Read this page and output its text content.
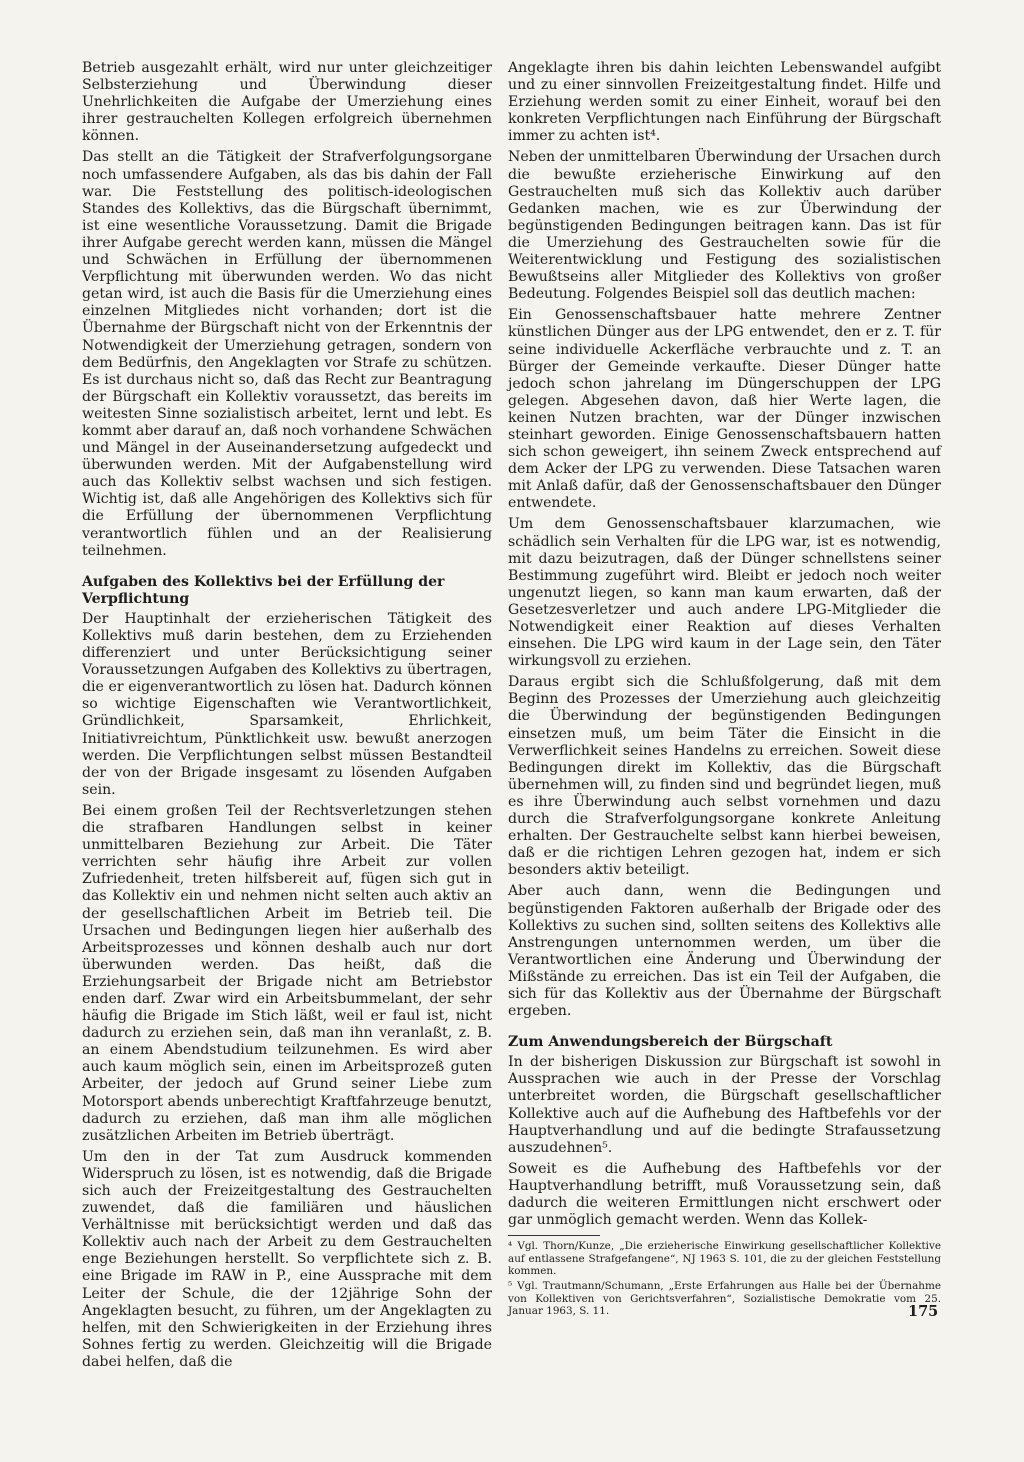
Betrieb ausgezahlt erhält, wird nur unter gleichzeitiger Selbsterziehung und Überwindung dieser Unehrlichkeiten die Aufgabe der Umerziehung eines ihrer gestrauchelten Kollegen erfolgreich übernehmen können.

Das stellt an die Tätigkeit der Strafverfolgungsorgane noch umfassendere Aufgaben, als das bis dahin der Fall war. Die Feststellung des politisch-ideologischen Standes des Kollektivs, das die Bürgschaft übernimmt, ist eine wesentliche Voraussetzung. Damit die Brigade ihrer Aufgabe gerecht werden kann, müssen die Mängel und Schwächen in Erfüllung der übernommenen Verpflichtung mit überwunden werden. Wo das nicht getan wird, ist auch die Basis für die Umerziehung eines einzelnen Mitgliedes nicht vorhanden; dort ist die Übernahme der Bürgschaft nicht von der Erkenntnis der Notwendigkeit der Umerziehung getragen, sondern von dem Bedürfnis, den Angeklagten vor Strafe zu schützen. Es ist durchaus nicht so, daß das Recht zur Beantragung der Bürgschaft ein Kollektiv voraussetzt, das bereits im weitesten Sinne sozialistisch arbeitet, lernt und lebt. Es kommt aber darauf an, daß noch vorhandene Schwächen und Mängel in der Auseinandersetzung aufgedeckt und überwunden werden. Mit der Aufgabenstellung wird auch das Kollektiv selbst wachsen und sich festigen. Wichtig ist, daß alle Angehörigen des Kollektivs sich für die Erfüllung der übernommenen Verpflichtung verantwortlich fühlen und an der Realisierung teilnehmen.

Aufgaben des Kollektivs bei der Erfüllung der Verpflichtung

Der Hauptinhalt der erzieherischen Tätigkeit des Kollektivs muß darin bestehen, dem zu Erziehenden differenziert und unter Berücksichtigung seiner Voraussetzungen Aufgaben des Kollektivs zu übertragen, die er eigenverantwortlich zu lösen hat. Dadurch können so wichtige Eigenschaften wie Verantwortlichkeit, Gründlichkeit, Sparsamkeit, Ehrlichkeit, Initiativreichtum, Pünktlichkeit usw. bewußt anerzogen werden. Die Verpflichtungen selbst müssen Bestandteil der von der Brigade insgesamt zu lösenden Aufgaben sein.

Bei einem großen Teil der Rechtsverletzungen stehen die strafbaren Handlungen selbst in keiner unmittelbaren Beziehung zur Arbeit. Die Täter verrichten sehr häufig ihre Arbeit zur vollen Zufriedenheit, treten hilfsbereit auf, fügen sich gut in das Kollektiv ein und nehmen nicht selten auch aktiv an der gesellschaftlichen Arbeit im Betrieb teil. Die Ursachen und Bedingungen liegen hier außerhalb des Arbeitsprozesses und können deshalb auch nur dort überwunden werden. Das heißt, daß die Erziehungsarbeit der Brigade nicht am Betriebstor enden darf. Zwar wird ein Arbeitsbummelant, der sehr häufig die Brigade im Stich läßt, weil er faul ist, nicht dadurch zu erziehen sein, daß man ihn veranlaßt, z. B. an einem Abendstudium teilzunehmen. Es wird aber auch kaum möglich sein, einen im Arbeitsprozeß guten Arbeiter, der jedoch auf Grund seiner Liebe zum Motorsport abends unberechtigt Kraftfahrzeuge benutzt, dadurch zu erziehen, daß man ihm alle möglichen zusätzlichen Arbeiten im Betrieb überträgt.

Um den in der Tat zum Ausdruck kommenden Widerspruch zu lösen, ist es notwendig, daß die Brigade sich auch der Freizeitgestaltung des Gestrauchelten zuwendet, daß die familiären und häuslichen Verhältnisse mit berücksichtigt werden und daß das Kollektiv auch nach der Arbeit zu dem Gestrauchelten enge Beziehungen herstellt. So verpflichtete sich z. B. eine Brigade im RAW in P., eine Aussprache mit dem Leiter der Schule, die der 12jährige Sohn der Angeklagten besucht, zu führen, um der Angeklagten zu helfen, mit den Schwierigkeiten in der Erziehung ihres Sohnes fertig zu werden. Gleichzeitig will die Brigade dabei helfen, daß die

Angeklagte ihren bis dahin leichten Lebenswandel aufgibt und zu einer sinnvollen Freizeitgestaltung findet. Hilfe und Erziehung werden somit zu einer Einheit, worauf bei den konkreten Verpflichtungen nach Einführung der Bürgschaft immer zu achten ist⁴.

Neben der unmittelbaren Überwindung der Ursachen durch die bewußte erzieherische Einwirkung auf den Gestrauchelten muß sich das Kollektiv auch darüber Gedanken machen, wie es zur Überwindung der begünstigenden Bedingungen beitragen kann. Das ist für die Umerziehung des Gestrauchelten sowie für die Weiterentwicklung und Festigung des sozialistischen Bewußtseins aller Mitglieder des Kollektivs von großer Bedeutung. Folgendes Beispiel soll das deutlich machen:

Ein Genossenschaftsbauer hatte mehrere Zentner künstlichen Dünger aus der LPG entwendet, den er z. T. für seine individuelle Ackerfläche verbrauchte und z. T. an Bürger der Gemeinde verkaufte. Dieser Dünger hatte jedoch schon jahrelang im Düngerschuppen der LPG gelegen. Abgesehen davon, daß hier Werte lagen, die keinen Nutzen brachten, war der Dünger inzwischen steinhart geworden. Einige Genossenschaftsbauern hatten sich schon geweigert, ihn seinem Zweck entsprechend auf dem Acker der LPG zu verwenden. Diese Tatsachen waren mit Anlaß dafür, daß der Genossenschaftsbauer den Dünger entwendete.

Um dem Genossenschaftsbauer klarzumachen, wie schädlich sein Verhalten für die LPG war, ist es notwendig, mit dazu beizutragen, daß der Dünger schnellstens seiner Bestimmung zugeführt wird. Bleibt er jedoch noch weiter ungenutzt liegen, so kann man kaum erwarten, daß der Gesetzesverletzer und auch andere LPG-Mitglieder die Notwendigkeit einer Reaktion auf dieses Verhalten einsehen. Die LPG wird kaum in der Lage sein, den Täter wirkungsvoll zu erziehen.

Daraus ergibt sich die Schlußfolgerung, daß mit dem Beginn des Prozesses der Umerziehung auch gleichzeitig die Überwindung der begünstigenden Bedingungen einsetzen muß, um beim Täter die Einsicht in die Verwerflichkeit seines Handelns zu erreichen. Soweit diese Bedingungen direkt im Kollektiv, das die Bürgschaft übernehmen will, zu finden sind und begründet liegen, muß es ihre Überwindung auch selbst vornehmen und dazu durch die Strafverfolgungsorgane konkrete Anleitung erhalten. Der Gestrauchelte selbst kann hierbei beweisen, daß er die richtigen Lehren gezogen hat, indem er sich besonders aktiv beteiligt.

Aber auch dann, wenn die Bedingungen und begünstigenden Faktoren außerhalb der Brigade oder des Kollektivs zu suchen sind, sollten seitens des Kollektivs alle Anstrengungen unternommen werden, um über die Verantwortlichen eine Änderung und Überwindung der Mißstände zu erreichen. Das ist ein Teil der Aufgaben, die sich für das Kollektiv aus der Übernahme der Bürgschaft ergeben.

Zum Anwendungsbereich der Bürgschaft

In der bisherigen Diskussion zur Bürgschaft ist sowohl in Aussprachen wie auch in der Presse der Vorschlag unterbreitet worden, die Bürgschaft gesellschaftlicher Kollektive auch auf die Aufhebung des Haftbefehls vor der Hauptverhandlung und auf die bedingte Strafaussetzung auszudehnen⁵.

Soweit es die Aufhebung des Haftbefehls vor der Hauptverhandlung betrifft, muß Voraussetzung sein, daß dadurch die weiteren Ermittlungen nicht erschwert oder gar unmöglich gemacht werden. Wenn das Kollek-

⁴ Vgl. Thorn/Kunze, „Die erzieherische Einwirkung gesellschaftlicher Kollektive auf entlassene Strafgefangene“, NJ 1963 S. 101, die zu der gleichen Feststellung kommen.

⁵ Vgl. Trautmann/Schumann, „Erste Erfahrungen aus Halle bei der Übernahme von Kollektiven von Gerichtsverfahren“, Sozialistische Demokratie vom 25. Januar 1963, S. 11.	175
